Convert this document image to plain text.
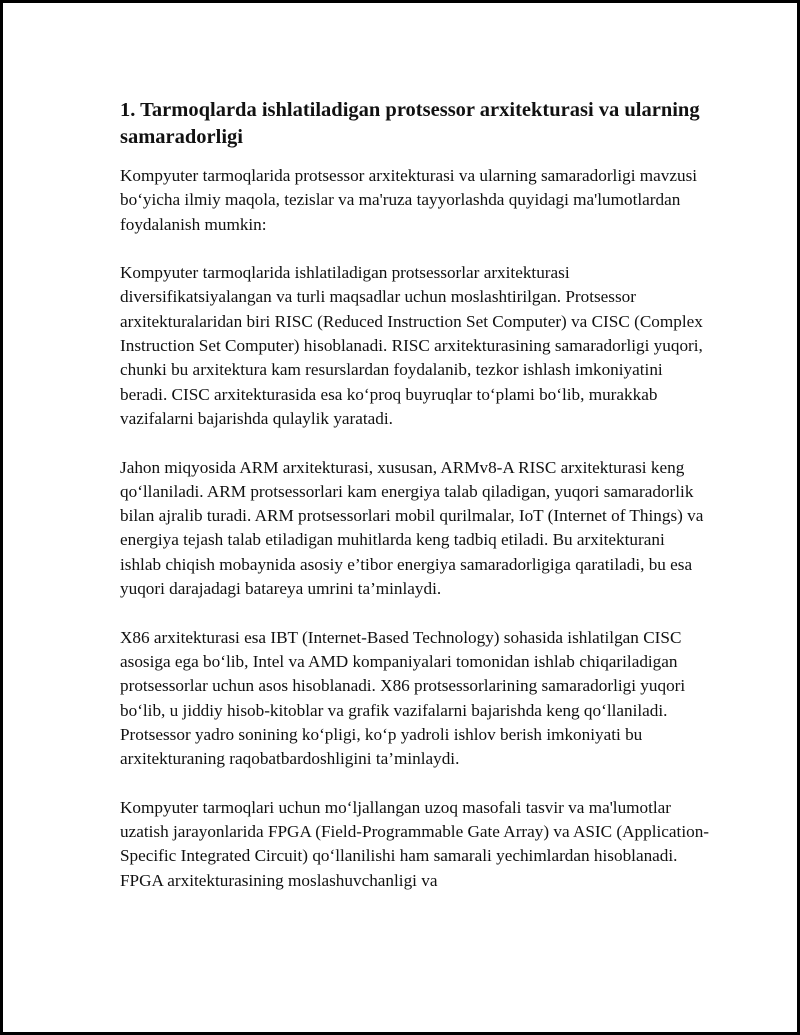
1. Tarmoqlarda ishlatiladigan protsessor arxitekturasi va ularning samaradorligi

Kompyuter tarmoqlarida protsessor arxitekturasi va ularning samaradorligi mavzusi bo‘yicha ilmiy maqola, tezislar va ma'ruza tayyorlashda quyidagi ma'lumotlardan foydalanish mumkin:

Kompyuter tarmoqlarida ishlatiladigan protsessorlar arxitekturasi diversifikatsiyalangan va turli maqsadlar uchun moslashtirilgan. Protsessor arxitekturalaridan biri RISC (Reduced Instruction Set Computer) va CISC (Complex Instruction Set Computer) hisoblanadi. RISC arxitekturasining samaradorligi yuqori, chunki bu arxitektura kam resurslardan foydalanib, tezkor ishlash imkoniyatini beradi. CISC arxitekturasida esa ko‘proq buyruqlar to‘plami bo‘lib, murakkab vazifalarni bajarishda qulaylik yaratadi.

Jahon miqyosida ARM arxitekturasi, xususan, ARMv8-A RISC arxitekturasi keng qo‘llaniladi. ARM protsessorlari kam energiya talab qiladigan, yuqori samaradorlik bilan ajralib turadi. ARM protsessorlari mobil qurilmalar, IoT (Internet of Things) va energiya tejash talab etiladigan muhitlarda keng tadbiq etiladi. Bu arxitekturani ishlab chiqish mobaynida asosiy e’tibor energiya samaradorligiga qaratiladi, bu esa yuqori darajadagi batareya umrini ta’minlaydi.

X86 arxitekturasi esa IBT (Internet-Based Technology) sohasida ishlatilgan CISC asosiga ega bo‘lib, Intel va AMD kompaniyalari tomonidan ishlab chiqariladigan protsessorlar uchun asos hisoblanadi. X86 protsessorlarining samaradorligi yuqori bo‘lib, u jiddiy hisob-kitoblar va grafik vazifalarni bajarishda keng qo‘llaniladi. Protsessor yadro sonining ko‘pligi, ko‘p yadroli ishlov berish imkoniyati bu arxitekturaning raqobatbardoshligini ta’minlaydi.

Kompyuter tarmoqlari uchun mo‘ljallangan uzoq masofali tasvir va ma'lumotlar uzatish jarayonlarida FPGA (Field-Programmable Gate Array) va ASIC (Application-Specific Integrated Circuit) qo‘llanilishi ham samarali yechimlardan hisoblanadi. FPGA arxitekturasining moslashuvchanligi va
